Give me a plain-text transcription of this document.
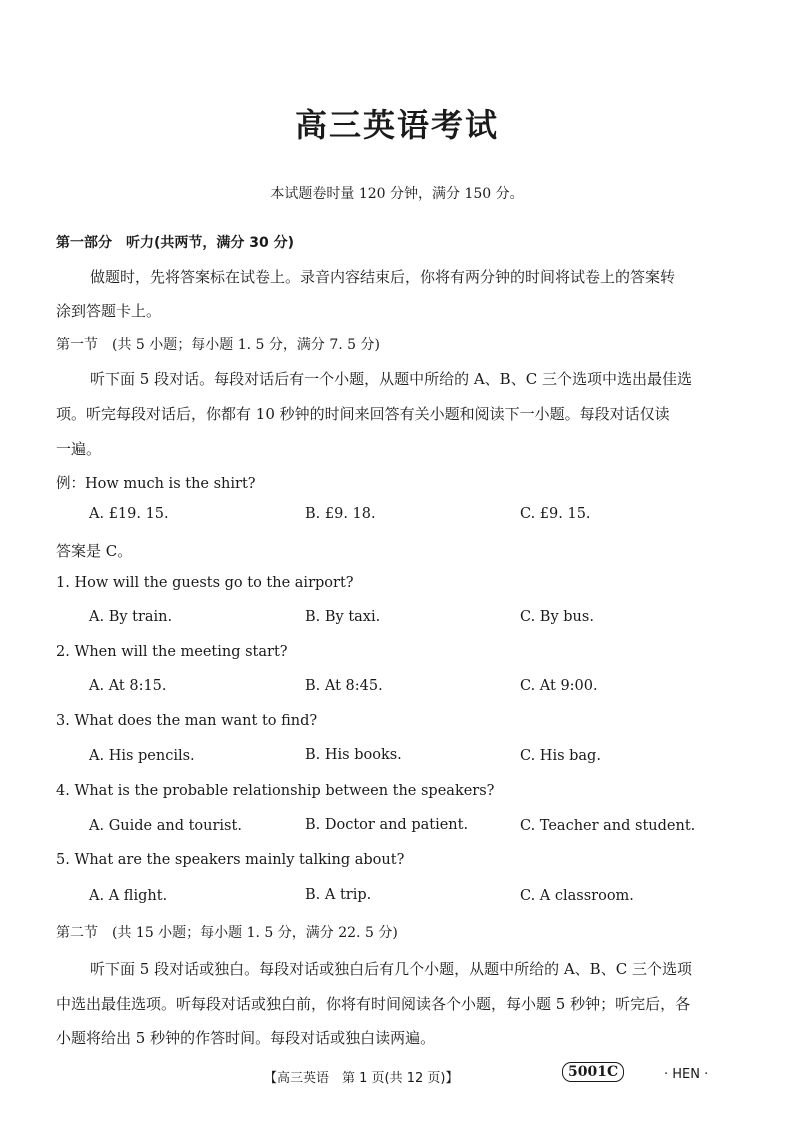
高三英语考试
本试题卷时量 120 分钟，满分 150 分。
第一部分　听力(共两节，满分 30 分)
做题时，先将答案标在试卷上。录音内容结束后，你将有两分钟的时间将试卷上的答案转
涂到答题卡上。
第一节　(共 5 小题；每小题 1. 5 分，满分 7. 5 分)
听下面 5 段对话。每段对话后有一个小题，从题中所给的 A、B、C 三个选项中选出最佳选
项。听完每段对话后，你都有 10 秒钟的时间来回答有关小题和阅读下一小题。每段对话仅读
一遍。
例：How much is the shirt?
A. £19. 15.	B. £9. 18.	C. £9. 15.
答案是 C。
1. How will the guests go to the airport?
A. By train.	B. By taxi.	C. By bus.
2. When will the meeting start?
A. At 8:15.	B. At 8:45.	C. At 9:00.
3. What does the man want to find?
A. His pencils.	B. His books.	C. His bag.
4. What is the probable relationship between the speakers?
A. Guide and tourist.	B. Doctor and patient.	C. Teacher and student.
5. What are the speakers mainly talking about?
A. A flight.	B. A trip.	C. A classroom.
第二节　(共 15 小题；每小题 1. 5 分，满分 22. 5 分)
听下面 5 段对话或独白。每段对话或独白后有几个小题，从题中所给的 A、B、C 三个选项
中选出最佳选项。听每段对话或独白前，你将有时间阅读各个小题，每小题 5 秒钟；听完后，各
小题将给出 5 秒钟的作答时间。每段对话或独白读两遍。
【高三英语　第 1 页(共 12 页)】	5001C	· HEN ·
